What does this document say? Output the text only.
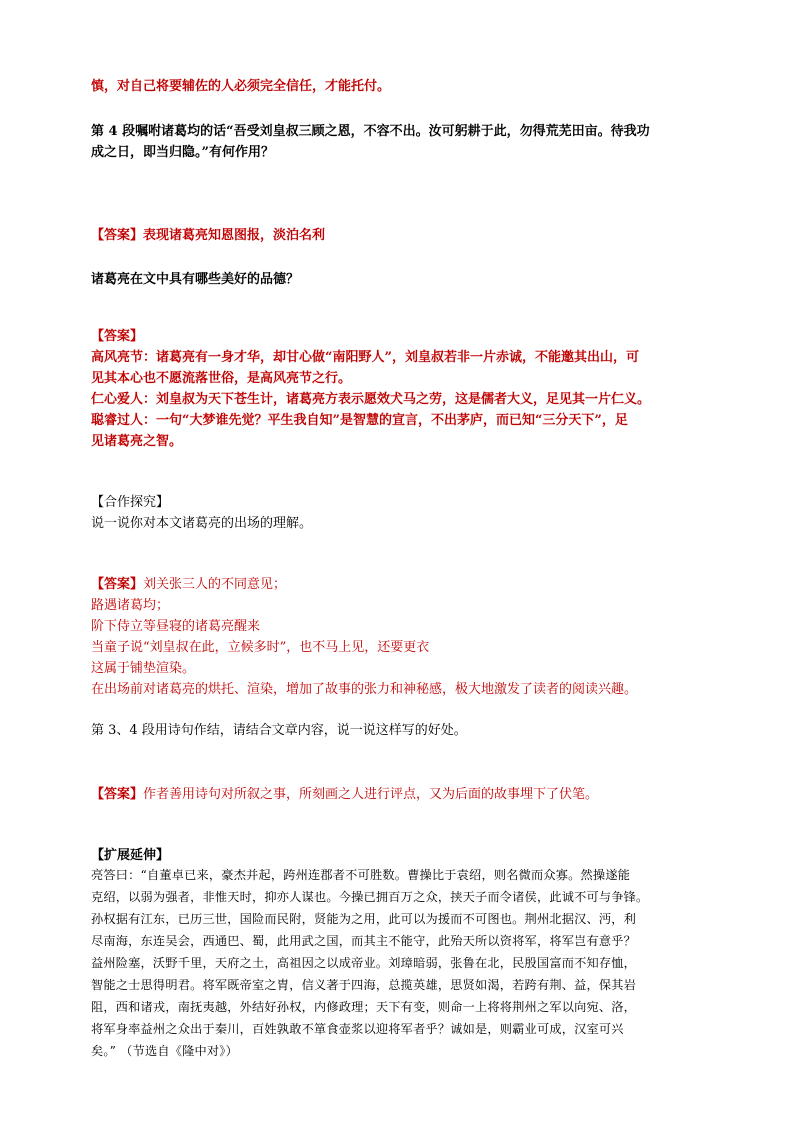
慎，对自己将要辅佐的人必须完全信任，才能托付。
第 4 段嘱咐诸葛均的话“吾受刘皇叔三顾之恩，不容不出。汝可躬耕于此，勿得荒芜田亩。待我功
成之日，即当归隐。”有何作用？
【答案】表现诸葛亮知恩图报，淡泊名利
诸葛亮在文中具有哪些美好的品德？
【答案】
高风亮节：诸葛亮有一身才华，却甘心做“南阳野人”，刘皇叔若非一片赤诚，不能邀其出山，可
见其本心也不愿流落世俗，是高风亮节之行。
仁心爱人：刘皇叔为天下苍生计，诸葛亮方表示愿效犬马之劳，这是儒者大义，足见其一片仁义。
聪睿过人：一句“大梦谁先觉？平生我自知”是智慧的宣言，不出茅庐，而已知“三分天下”，足
见诸葛亮之智。
【合作探究】
说一说你对本文诸葛亮的出场的理解。
【答案】刘关张三人的不同意见；
路遇诸葛均；
阶下侍立等昼寝的诸葛亮醒来
当童子说“刘皇叔在此，立候多时”，也不马上见，还要更衣
这属于铺垫渲染。
在出场前对诸葛亮的烘托、渲染，增加了故事的张力和神秘感，极大地激发了读者的阅读兴趣。
第 3、4 段用诗句作结，请结合文章内容，说一说这样写的好处。
【答案】作者善用诗句对所叙之事，所刻画之人进行评点，又为后面的故事埋下了伏笔。
【扩展延伸】
亮答曰：“自董卓已来，豪杰并起，跨州连郡者不可胜数。曹操比于袁绍，则名微而众寡。然操遂能
克绍，以弱为强者，非惟天时，抑亦人谋也。今操已拥百万之众，挟天子而令诸侯，此诚不可与争锋。
孙权据有江东，已历三世，国险而民附，贤能为之用，此可以为援而不可图也。荆州北据汉、沔，利
尽南海，东连吴会，西通巴、蜀，此用武之国，而其主不能守，此殆天所以资将军，将军岂有意乎？
益州险塞，沃野千里，天府之土，高祖因之以成帝业。刘璋暗弱，张鲁在北，民殷国富而不知存恤，
智能之士思得明君。将军既帝室之胄，信义著于四海，总揽英雄，思贤如渴，若跨有荆、益，保其岩
阻，西和诸戎，南抚夷越，外结好孙权，内修政理；天下有变，则命一上将将荆州之军以向宛、洛，
将军身率益州之众出于秦川，百姓孰敢不箪食壶浆以迎将军者乎？诚如是，则霸业可成，汉室可兴
矣。” （节选自《隆中对》）
